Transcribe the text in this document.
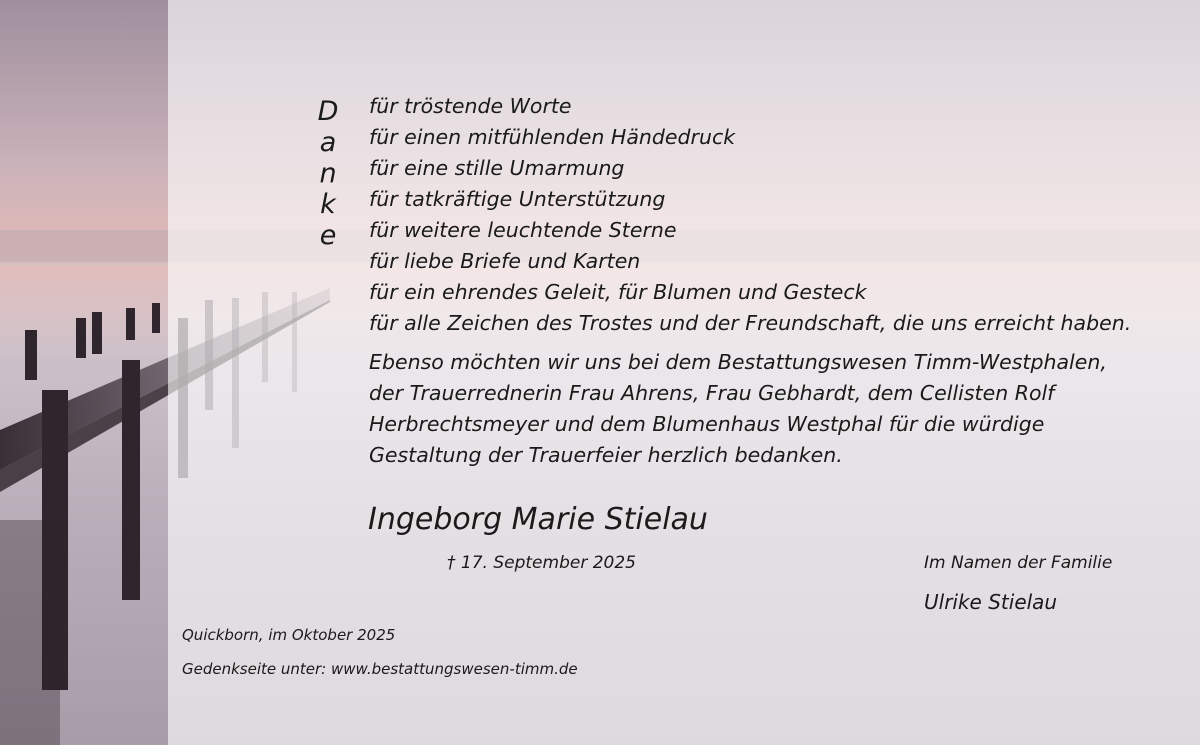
D
a
n
k
e
für tröstende Worte
für einen mitfühlenden Händedruck
für eine stille Umarmung
für tatkräftige Unterstützung
für weitere leuchtende Sterne
für liebe Briefe und Karten
für ein ehrendes Geleit, für Blumen und Gesteck
für alle Zeichen des Trostes und der Freundschaft, die uns erreicht haben.
Ebenso möchten wir uns bei dem Bestattungswesen Timm-Westphalen,
der Trauerrednerin Frau Ahrens, Frau Gebhardt, dem Cellisten Rolf
Herbrechtsmeyer und dem Blumenhaus Westphal für die würdige
Gestaltung der Trauerfeier herzlich bedanken.
Ingeborg Marie Stielau
† 17. September 2025	Im Namen der Familie
Ulrike Stielau
Quickborn, im Oktober 2025
Gedenkseite unter: www.bestattungswesen-timm.de
